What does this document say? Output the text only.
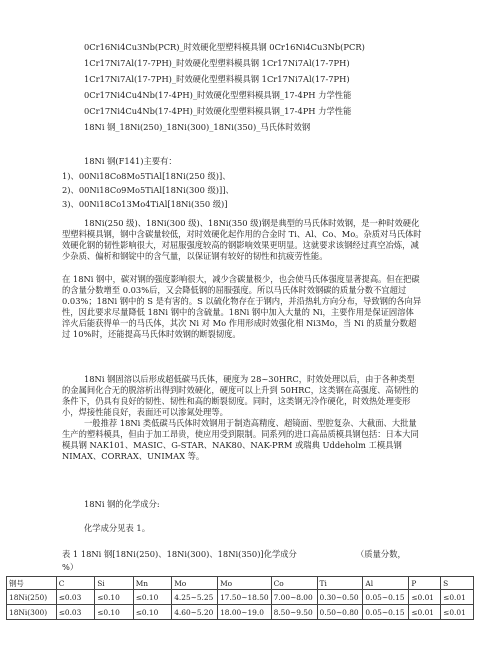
0Cr16Ni4Cu3Nb(PCR)_时效硬化型塑料模具钢 0Cr16Ni4Cu3Nb(PCR)
1Cr17Ni7Al(17-7PH)_时效硬化型塑料模具钢 1Cr17Ni7Al(17-7PH)
1Cr17Ni7Al(17-7PH)_时效硬化型塑料模具钢 1Cr17Ni7Al(17-7PH)
0Cr17Ni4Cu4Nb(17-4PH)_时效硬化型塑料模具钢_17-4PH 力学性能
0Cr17Ni4Cu4Nb(17-4PH)_时效硬化型塑料模具钢_17-4PH 力学性能
18Ni 钢_18Ni(250)_18Ni(300)_18Ni(350)_马氏体时效钢
18Ni 钢(F141)主要有：
1)、00Ni18Co8Mo5TiAl[18Ni(250 级)]、
2)、00Ni18Co9Mo5TiAl[18Ni(300 级)]]、
3)、00Ni18Co13Mo4TiAl[18Ni(350 级)]
18Ni(250 级)、18Ni(300 级)、18Ni(350 级)钢是典型的马氏体时效钢，是一种时效硬化型塑料模具钢，钢中含碳量较低，对时效硬化起作用的合金时 Ti、Al、Co、Mo。杂质对马氏体时效硬化钢的韧性影响很大，对屈服强度较高的钢影响效果更明显。这就要求该钢经过真空冶炼，减少杂质、偏析和钢锭中的含气量，以保证钢有较好的韧性和抗疲劳性能。
在 18Ni 钢中，碳对钢的强度影响很大，减少含碳量极少，也会使马氏体强度显著提高。但在把碳的含量分数增至 0.03%后，又会降低钢的屈服强度。所以马氏体时效钢碳的质量分数不宜超过 0.03%；18Ni 钢中的 S 是有害的。S 以硫化物存在于钢内，并沿热轧方向分布，导致钢的各向异性，因此要求尽量降低 18Ni 钢中的含硫量。18Ni 钢中加入大量的 Ni，主要作用是保证固溶体淬火后能获得单一的马氏体，其次 Ni 对 Mo 作用形成时效强化相 Ni3Mo，当 Ni 的质量分数超过 10%时，还能提高马氏体时效钢的断裂韧度。
18Ni 钢固溶以后形成超低碳马氏体，硬度为 28~30HRC，时效处理以后，由于各种类型的金属间化合无的脱溶析出得到时效硬化，硬度可以上升到 50HRC，这类钢在高强度、高韧性的条件下，仍具有良好的韧性、韧性和高的断裂韧度。同时，这类钢无冷作硬化，时效热处理变形小，焊接性能良好，表面还可以渗氮处理等。
一般推荐 18Ni 类低碳马氏体时效钢用于制造高精度、超镜面、型腔复杂、大截面、大批量生产的塑料模具，但由于加工昂贵，使应用受到限制。同系列的进口高品质模具钢包括：日本大同模具钢 NAK101、MASIC、G-STAR、NAK80、NAK-PRM 或瑞典 Uddeholm 工模具钢 NIMAX、CORRAX、UNIMAX 等。
18Ni 钢的化学成分:
化学成分见表 1。
表 1 18Ni 钢[18Ni(250)、18Ni(300)、18Ni(350)]化学成分	（质量分数，
%）
钢号	C	Si	Mn	Mo	Mo	Co	Ti	Al	P	S
18Ni(250)	≤0.03	≤0.10	≤0.10	4.25~5.25	17.50~18.50	7.00~8.00	0.30~0.50	0.05~0.15	≤0.01	≤0.01
18Ni(300)	≤0.03	≤0.10	≤0.10	4.60~5.20	18.00~19.0	8.50~9.50	0.50~0.80	0.05~0.15	≤0.01	≤0.01
